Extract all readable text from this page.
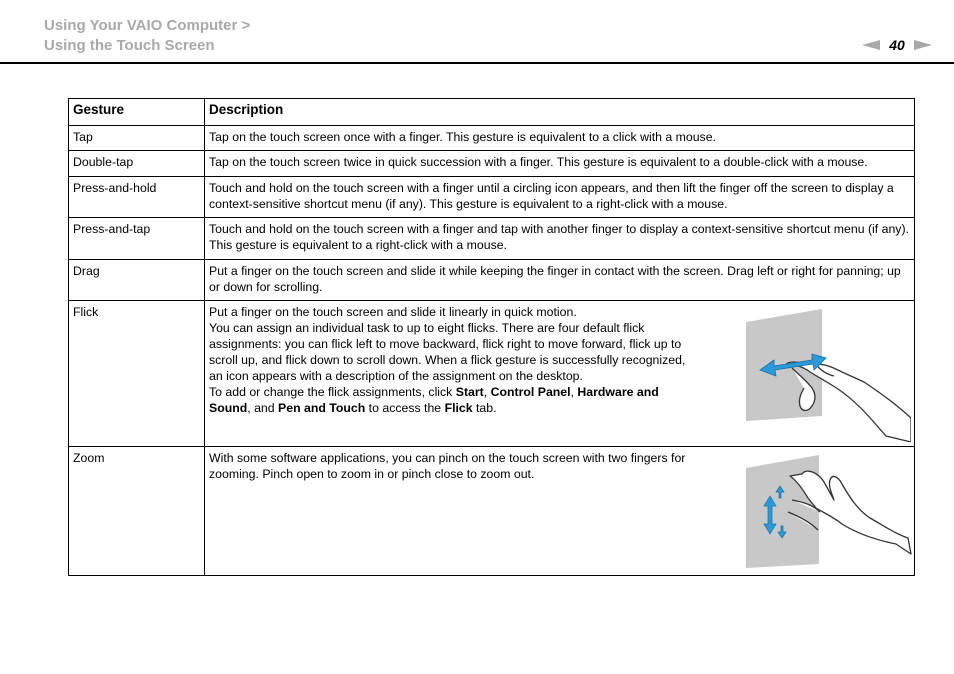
Using Your VAIO Computer >
Using the Touch Screen	40
Gesture	Description
Tap	Tap on the touch screen once with a finger. This gesture is equivalent to a click with a mouse.
Double-tap	Tap on the touch screen twice in quick succession with a finger. This gesture is equivalent to a double-click with a mouse.
Press-and-hold	Touch and hold on the touch screen with a finger until a circling icon appears, and then lift the finger off the screen to display a context-sensitive shortcut menu (if any). This gesture is equivalent to a right-click with a mouse.
Press-and-tap	Touch and hold on the touch screen with a finger and tap with another finger to display a context-sensitive shortcut menu (if any). This gesture is equivalent to a right-click with a mouse.
Drag	Put a finger on the touch screen and slide it while keeping the finger in contact with the screen. Drag left or right for panning; up or down for scrolling.
Flick	Put a finger on the touch screen and slide it linearly in quick motion.

You can assign an individual task to up to eight flicks. There are four default flick assignments: you can flick left to move backward, flick right to move forward, flick up to scroll up, and flick down to scroll down. When a flick gesture is successfully recognized, an icon appears with a description of the assignment on the desktop.

To add or change the flick assignments, click Start, Control Panel, Hardware and Sound, and Pen and Touch to access the Flick tab.

Zoom	With some software applications, you can pinch on the touch screen with two fingers for zooming. Pinch open to zoom in or pinch close to zoom out.
